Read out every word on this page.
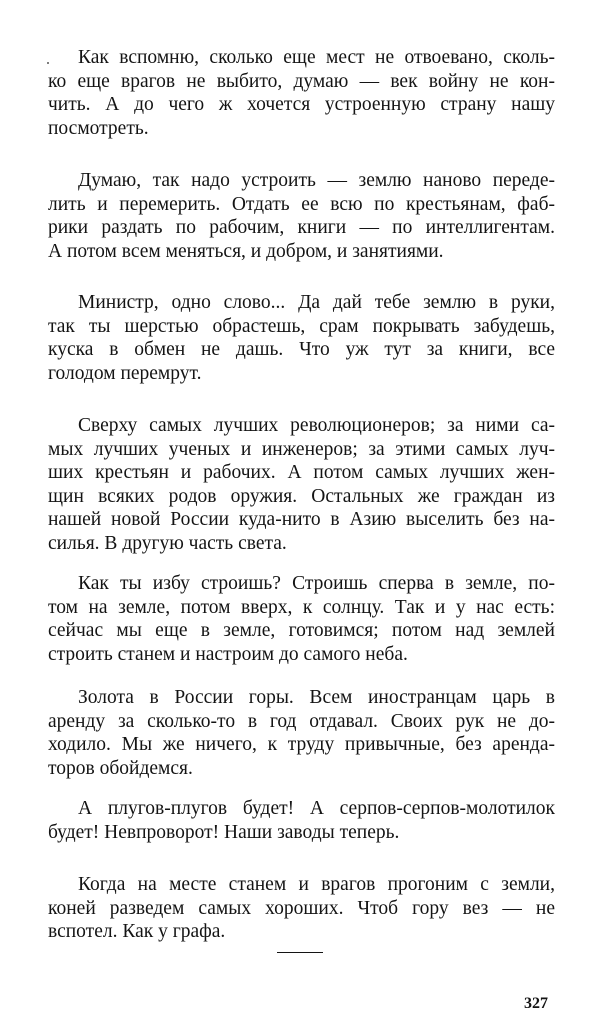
Как вспомню, сколько еще мест не отвоевано, сколь-
ко еще врагов не выбито, думаю — век войну не кон-
чить. А до чего ж хочется устроенную страну нашу
посмотреть.
Думаю, так надо устроить — землю наново переде-
лить и перемерить. Отдать ее всю по крестьянам, фаб-
рики раздать по рабочим, книги — по интеллигентам.
А потом всем меняться, и добром, и занятиями.
Министр, одно слово... Да дай тебе землю в руки,
так ты шерстью обрастешь, срам покрывать забудешь,
куска в обмен не дашь. Что уж тут за книги, все
голодом перемрут.
Сверху самых лучших революционеров; за ними са-
мых лучших ученых и инженеров; за этими самых луч-
ших крестьян и рабочих. А потом самых лучших жен-
щин всяких родов оружия. Остальных же граждан из
нашей новой России куда-нито в Азию выселить без на-
силья. В другую часть света.
Как ты избу строишь? Строишь сперва в земле, по-
том на земле, потом вверх, к солнцу. Так и у нас есть:
сейчас мы еще в земле, готовимся; потом над землей
строить станем и настроим до самого неба.
Золота в России горы. Всем иностранцам царь в
аренду за сколько-то в год отдавал. Своих рук не до-
ходило. Мы же ничего, к труду привычные, без аренда-
торов обойдемся.
А плугов-плугов будет! А серпов-серпов-молотилок
будет! Невпроворот! Наши заводы теперь.
Когда на месте станем и врагов прогоним с земли,
коней разведем самых хороших. Чтоб гору вез — не
вспотел. Как у графа.
327
